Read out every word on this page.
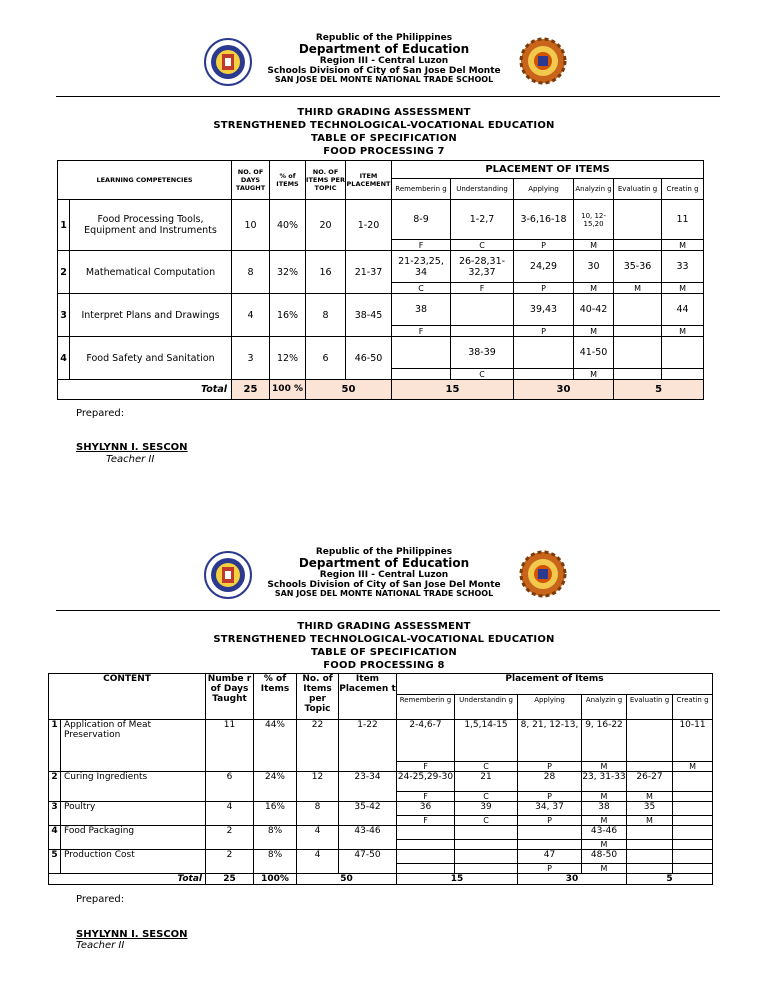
Republic of the Philippines
Department of Education
Region III - Central Luzon
Schools Division of City of San Jose Del Monte
SAN JOSE DEL MONTE NATIONAL TRADE SCHOOL
THIRD GRADING ASSESSMENT
STRENGTHENED TECHNOLOGICAL-VOCATIONAL EDUCATION
TABLE OF SPECIFICATION
FOOD PROCESSING 7
LEARNING COMPETENCIES		NO. OF DAYS TAUGHT	% of ITEMS	NO. OF ITEMS PER TOPIC	ITEM PLACEMENT	PLACEMENT OF ITEMS					
						Rememberin g	Understanding	Applying	Analyzin g	Evaluatin g	Creatin g
1	Food Processing Tools, Equipment and Instruments	10	40%	20	1-20	8-9	1-2,7	3-6,16-18	10, 12-15,20		11
						F	C	P	M		M
2	Mathematical Computation	8	32%	16	21-37	21-23,25, 34	26-28,31-32,37	24,29	30	35-36	33
						C	F	P	M	M	M
3	Interpret Plans and Drawings	4	16%	8	38-45	38		39,43	40-42		44
						F		P	M		M
4	Food Safety and Sanitation	3	12%	6	46-50		38-39		41-50		
							C		M		
Total		25	100 %	50		15		30		5	
Prepared:
SHYLYNN I. SESCON
Teacher II
Republic of the Philippines
Department of Education
Region III - Central Luzon
Schools Division of City of San Jose Del Monte
SAN JOSE DEL MONTE NATIONAL TRADE SCHOOL
THIRD GRADING ASSESSMENT
STRENGTHENED TECHNOLOGICAL-VOCATIONAL EDUCATION
TABLE OF SPECIFICATION
FOOD PROCESSING 8
CONTENT		Numbe r of Days Taught	% of Items	No. of Items per Topic	Item Placemen t	Placement of Items					
						Rememberin g	Understandin g	Applying	Analyzin g	Evaluatin g	Creatin g
1	Application of Meat Preservation	11	44%	22	1-22	2-4,6-7	1,5,14-15	8, 21, 12-13,	9, 16-22		10-11
						F	C	P	M		M
2	Curing Ingredients	6	24%	12	23-34	24-25,29-30	21	28	23, 31-33	26-27	
						F	C	P	M	M	
3	Poultry	4	16%	8	35-42	36	39	34, 37	38	35	
						F	C	P	M	M	
4	Food Packaging	2	8%	4	43-46				43-46		
									M		
5	Production Cost	2	8%	4	47-50			47	48-50		
								P	M		
Total		25	100%	50		15		30		5	
Prepared:
SHYLYNN I. SESCON
Teacher II
